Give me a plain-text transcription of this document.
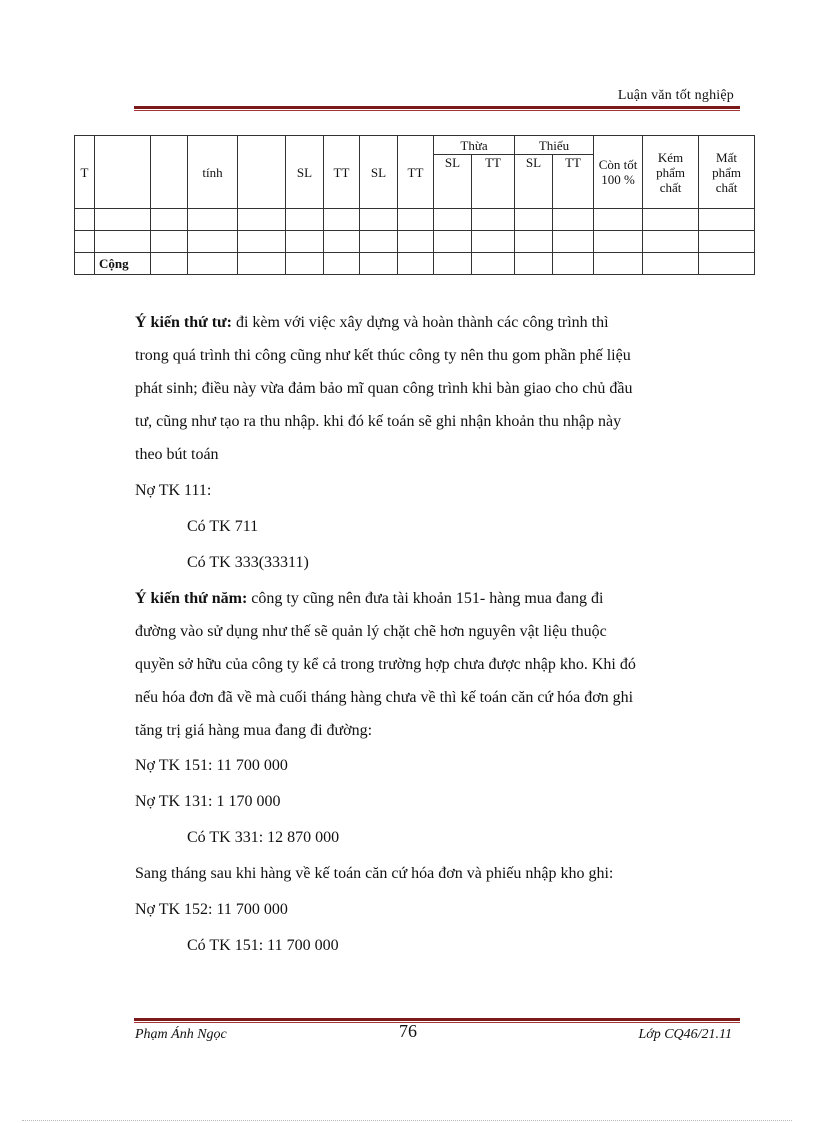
Luận văn tốt nghiệp
T			tính		SL	TT	SL	TT	Thừa		Thiếu		Còn tốt 100 %	Kém phẩm chất	Mất phẩm chất
									SL	TT	SL	TT			

	Cộng														
Ý kiến thứ tư: đi kèm với việc xây dựng và hoàn thành các công trình thì
trong quá trình thi công cũng như kết thúc công ty nên thu gom phần phế liệu
phát sinh; điều này vừa đảm bảo mĩ quan công trình khi bàn giao cho chủ đầu
tư, cũng như tạo ra thu nhập. khi đó kế toán sẽ ghi nhận khoản thu nhập này
theo bút toán
Nợ TK 111:
Có TK 711
Có TK 333(33311)
Ý kiến thứ năm: công ty cũng nên đưa tài khoản 151- hàng mua đang đi
đường vào sử dụng như thế sẽ quản lý chặt chẽ hơn nguyên vật liệu thuộc
quyền sở hữu của công ty kể cả trong trường hợp chưa được nhập kho. Khi đó
nếu hóa đơn đã về mà cuối tháng hàng chưa về thì kế toán căn cứ hóa đơn ghi
tăng trị giá hàng mua đang đi đường:
Nợ TK 151: 11 700 000
Nợ TK 131: 1 170 000
Có TK 331: 12 870 000
Sang tháng sau khi hàng về kế toán căn cứ hóa đơn và phiếu nhập kho ghi:
Nợ TK 152: 11 700 000
Có TK 151: 11 700 000
Phạm Ánh Ngọc	76	Lớp CQ46/21.11
